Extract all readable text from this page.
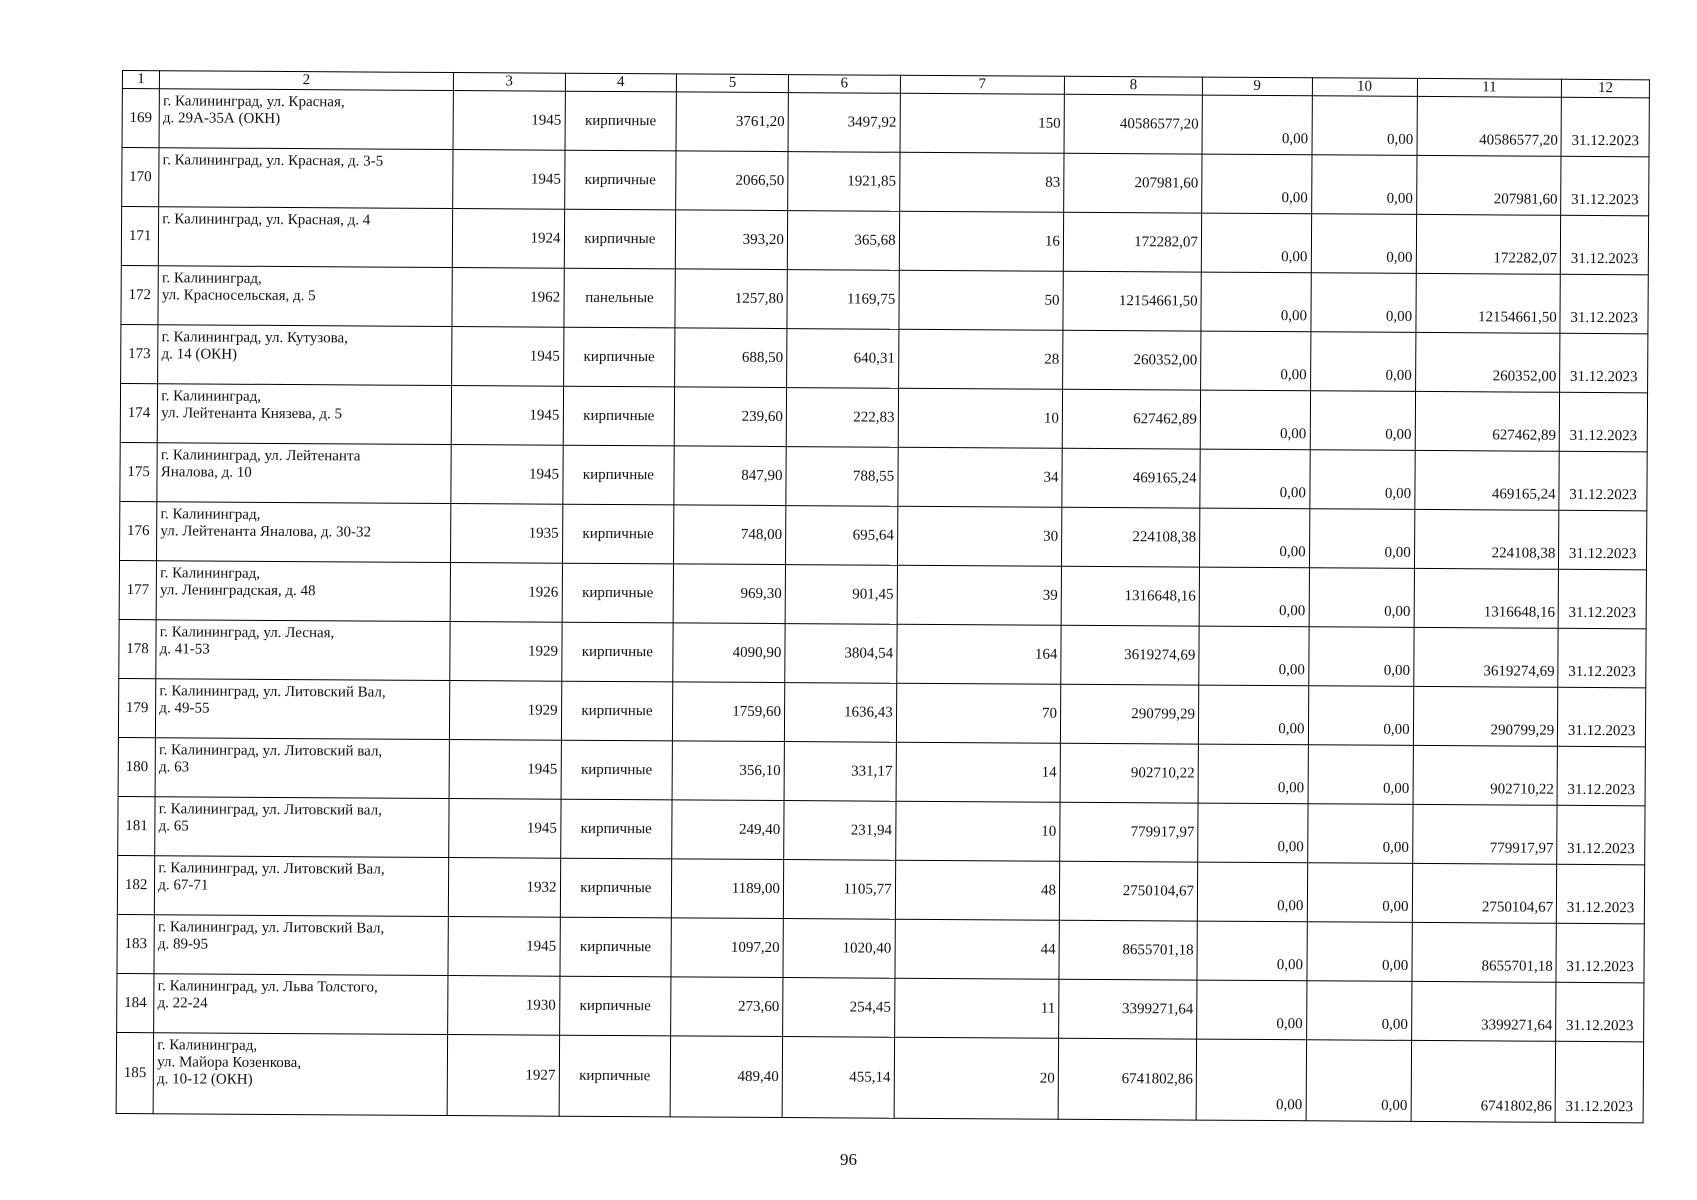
1	2	3	4	5	6	7	8	9	10	11	12
169	г. Калининград, ул. Красная,
д. 29А-35А (ОКН)	1945	кирпичные	3761,20	3497,92	150	40586577,20	0,00	0,00	40586577,20	31.12.2023
170	г. Калининград, ул. Красная, д. 3-5	1945	кирпичные	2066,50	1921,85	83	207981,60	0,00	0,00	207981,60	31.12.2023
171	г. Калининград, ул. Красная, д. 4	1924	кирпичные	393,20	365,68	16	172282,07	0,00	0,00	172282,07	31.12.2023
172	г. Калининград,
ул. Красносельская, д. 5	1962	панельные	1257,80	1169,75	50	12154661,50	0,00	0,00	12154661,50	31.12.2023
173	г. Калининград, ул. Кутузова,
д. 14 (ОКН)	1945	кирпичные	688,50	640,31	28	260352,00	0,00	0,00	260352,00	31.12.2023
174	г. Калининград,
ул. Лейтенанта Князева, д. 5	1945	кирпичные	239,60	222,83	10	627462,89	0,00	0,00	627462,89	31.12.2023
175	г. Калининград, ул. Лейтенанта
Яналова, д. 10	1945	кирпичные	847,90	788,55	34	469165,24	0,00	0,00	469165,24	31.12.2023
176	г. Калининград,
ул. Лейтенанта Яналова, д. 30-32	1935	кирпичные	748,00	695,64	30	224108,38	0,00	0,00	224108,38	31.12.2023
177	г. Калининград,
ул. Ленинградская, д. 48	1926	кирпичные	969,30	901,45	39	1316648,16	0,00	0,00	1316648,16	31.12.2023
178	г. Калининград, ул. Лесная,
д. 41-53	1929	кирпичные	4090,90	3804,54	164	3619274,69	0,00	0,00	3619274,69	31.12.2023
179	г. Калининград, ул. Литовский Вал,
д. 49-55	1929	кирпичные	1759,60	1636,43	70	290799,29	0,00	0,00	290799,29	31.12.2023
180	г. Калининград, ул. Литовский вал,
д. 63	1945	кирпичные	356,10	331,17	14	902710,22	0,00	0,00	902710,22	31.12.2023
181	г. Калининград, ул. Литовский вал,
д. 65	1945	кирпичные	249,40	231,94	10	779917,97	0,00	0,00	779917,97	31.12.2023
182	г. Калининград, ул. Литовский Вал,
д. 67-71	1932	кирпичные	1189,00	1105,77	48	2750104,67	0,00	0,00	2750104,67	31.12.2023
183	г. Калининград, ул. Литовский Вал,
д. 89-95	1945	кирпичные	1097,20	1020,40	44	8655701,18	0,00	0,00	8655701,18	31.12.2023
184	г. Калининград, ул. Льва Толстого,
д. 22-24	1930	кирпичные	273,60	254,45	11	3399271,64	0,00	0,00	3399271,64	31.12.2023
185	г. Калининград,
ул. Майора Козенкова,
д. 10-12 (ОКН)	1927	кирпичные	489,40	455,14	20	6741802,86	0,00	0,00	6741802,86	31.12.2023
96
